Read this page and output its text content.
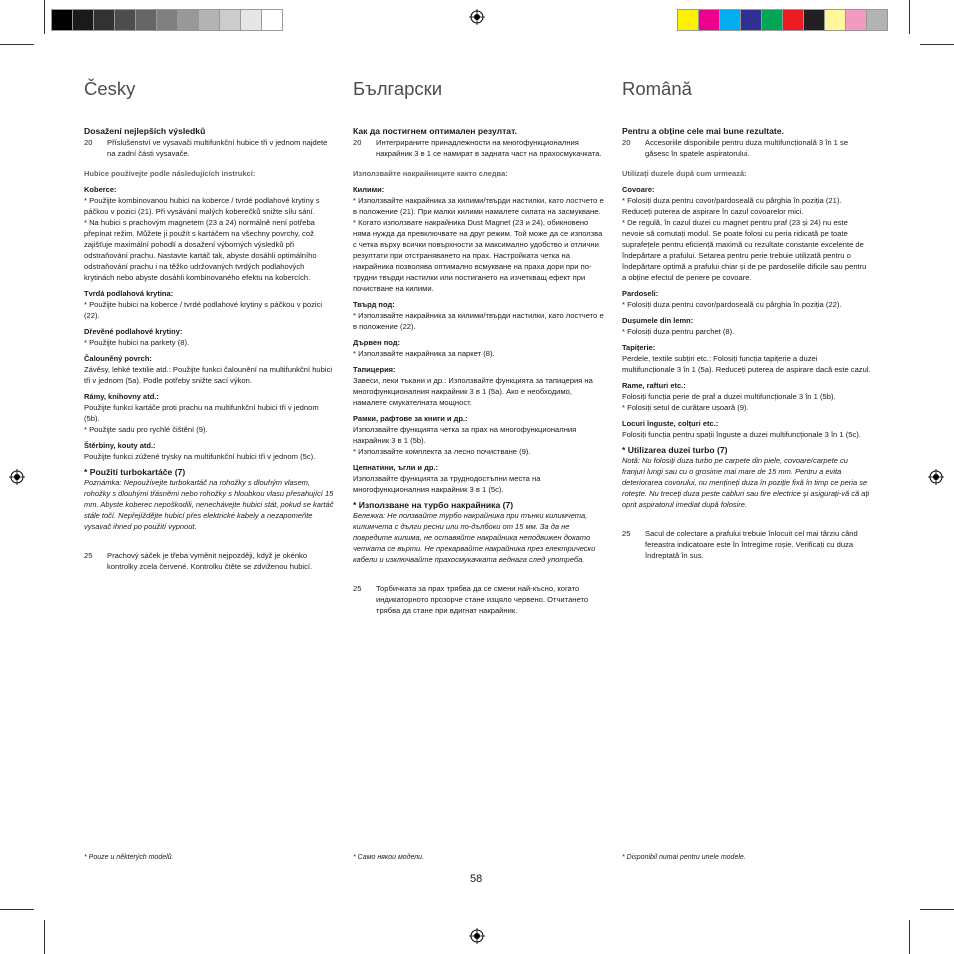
Česky
Dosažení nejlepších výsledků
20	Příslušenství ve vysavači multifunkční hubice tři v jednom najdete na zadní části vysavače.
Hubice používejte podle následujících instrukcí:
Koberce:
* Použijte kombinovanou hubici na koberce / tvrdé podlahové krytiny s páčkou v pozici (21). Při vysávání malých koberečků snižte sílu sání.
* Na hubici s prachovým magnetem (23 a 24) normálně není potřeba přepínat režim. Můžete ji použít s kartáčem na všechny povrchy, což zajišťuje maximální pohodlí a dosažení výborných výsledků při odstraňování prachu. Nastavte kartáč tak, abyste dosáhli optimálního odstraňování prachu i na těžko udržovaných tvrdých podlahových krytinách nebo abyste dosáhli kombinovaného efektu na kobercích.
Tvrdá podlahová krytina:
* Použijte hubici na koberce / tvrdé podlahové krytiny s páčkou v pozici (22).
Dřevěné podlahové krytiny:
* Použijte hubici na parkety (8).
Čalouněný povrch:
Závěsy, lehké textilie atd.: Použijte funkci čalounění na multifunkční hubici tři v jednom (5a). Podle potřeby snižte sací výkon.
Rámy, knihovny atd.:
Použijte funkci kartáče proti prachu na multifunkční hubici tři v jednom (5b).
* Použijte sadu pro rychlé čištění (9).
Štěrbiny, kouty atd.:
Použijte funkci zúžené trysky na multifunkční hubici tři v jednom (5c).
* Použití turbokartáče (7)
Poznámka: Nepoužívejte turbokartáč na rohožky s dlouhým vlasem, rohožky s dlouhými třásněmi nebo rohožky s hloubkou vlasu přesahující 15 mm. Abyste koberec nepoškodili, nenechávejte hubici stát, pokud se kartáč stále točí. Nepřejíždějte hubicí přes elektrické kabely a nezapomeňte vysavač ihned po použití vypnout.
25	Prachový sáček je třeba vyměnit nejpozději, když je okénko kontrolky zcela červené. Kontrolku čtěte se zdviženou hubicí.
Български
Как да постигнем оптимален резултат.
20	Интегрираните принадлежности на многофункционалния накрайник 3 в 1 се намират в задната част на прахосмукачката.
Използвайте накрайниците както следва:
Килими:
* Използвайте накрайника за килими/твърди настилки, като лостчето е в положение (21). При малки килими намалете силата на засмукване.
* Когато използвате накрайника Dust Magnet (23 и 24), обикновено няма нужда да превключвате на друг режим. Той може да се използва с четка върху всички повърхности за максимално удобство и отлични резултати при отстраняването на прах. Настройката четка на накрайника позволява оптимално всмукване на праха дори при по-трудни твърди настилки или постигането на изчетквaщ ефект при почистване на килими.
Твърд под:
* Използвайте накрайника за килими/твърди настилки, като лостчето е в положение (22).
Дървен под:
* Използвайте накрайника за паркет (8).
Тапицерия:
Завеси, леки тъкани и др.: Използвайте функцията за тапицерия на многофункционалния накрайник 3 в 1 (5a). Ако е необходимо, намалете смукателната мощност.
Рамки, рафтове за книги и др.:
Използвайте функцията четка за прах на многофункционалния накрайник 3 в 1 (5b).
* Използвайте комплекта за лесно почистване (9).
Цепнатини, ъгли и др.:
Използвайте функцията за труднодостъпни места на многофункционалния накрайник 3 в 1 (5c).
* Използване на турбо накрайника (7)
Бележка: Не ползвайте турбо накрайника при тънки килимчета, килимчета с дълги ресни или по-дълбоки от 15 мм. За да не повредите килима, не оставяйте накрайника неподвижен докато четката се върти. Не прекарвайте накрайника през електрически кабели и изключвайте прахосмукачката веднага след употреба.
25	Торбичката за прах трябва да се смени най-късно, когато индикаторното прозорче стане изцяло червено. Отчитането трябва да стане при вдигнат накрайник.
Română
Pentru a obține cele mai bune rezultate.
20	Accesoriile disponibile pentru duza multifuncțională 3 în 1 se găsesc în spatele aspiratorului.
Utilizați duzele după cum urmează:
Covoare:
* Folosiți duza pentru covor/pardoseală cu pârghia în poziția (21). Reduceți puterea de aspirare în cazul covoarelor mici.
* De regulă, în cazul duzei cu magnet pentru praf (23 și 24) nu este nevoie să comutați modul. Se poate folosi cu peria ridicată pe toate suprafețele pentru eficiență maximă cu rezultate constante excelente de îndepărtare a prafului. Setarea pentru perie trebuie utilizată pentru o îndepărtare optimă a prafului chiar și de pe pardoselile dificile sau pentru a obține efectul de periere pe covoare.
Pardoseli:
* Folosiți duza pentru covor/pardoseală cu pârghia în poziția (22).
Dușumele din lemn:
* Folosiți duza pentru parchet (8).
Tapițerie:
Perdele, textile subțiri etc.: Folosiți funcția tapițerie a duzei multifuncționale 3 în 1 (5a). Reduceți puterea de aspirare dacă este cazul.
Rame, rafturi etc.:
Folosiți funcția perie de praf a duzei multifuncționale 3 în 1 (5b).
* Folosiți setul de curățare ușoară (9).
Locuri înguste, colțuri etc.:
Folosiți funcția pentru spații înguste a duzei multifuncționale 3 în 1 (5c).
* Utilizarea duzei turbo (7)
Notă: Nu folosiți duza turbo pe carpete din piele, covoare/carpete cu franjuri lungi sau cu o grosime mai mare de 15 mm. Pentru a evita deteriorarea covorului, nu mențineți duza în poziție fixă în timp ce peria se rotește. Nu treceți duza peste cabluri sau fire electrice și asigurați-vă că ați oprit aspiratorul imediat după folosire.
25	Sacul de colectare a prafului trebuie înlocuit cel mai târziu când fereastra indicatoare este în întregime roșie. Verificați cu duza îndreptată în sus.
* Pouze u některých modelů.	* Само някои модели.	* Disponibil numai pentru unele modele.
58
